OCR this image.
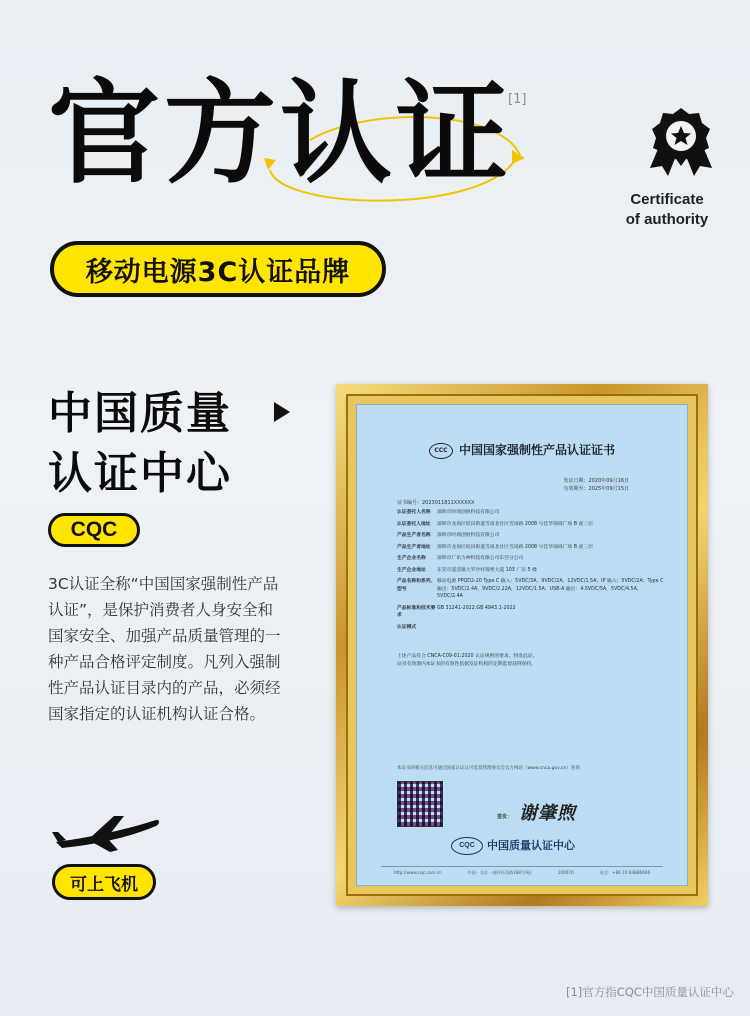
官方认证
[1]
移动电源3C认证品牌
Certificate
of authority
中国质量
认证中心
CQC
3C认证全称“中国国家强制性产品认证”，是保护消费者人身安全和国家安全、加强产品质量管理的一种产品合格评定制度。凡列入强制性产品认证目录内的产品，必须经国家指定的认证机构认证合格。
可上飞机
CCC 中国国家强制性产品认证证书
发证日期：2020年09月16日
有效期至：2025年09月15日
证书编号：2023011811XXXXXX
认证委托人名称	深圳市时商创展科技有限公司
认证委托人地址	深圳市龙岗区坂田街道雪岗北社区雪岗路 2008 号佳华领域广场 B 座三层
产品生产者名称	深圳市时商创展科技有限公司
产品生产者地址	深圳市龙岗区坂田街道雪岗北社区雪岗路 2008 号佳华领域广场 B 座三层
生产企业名称	深圳市广讯力神科技有限公司东莞分公司
生产企业地址	东莞市道滘镇大罗沙村锦秀大道 103 厂房 5 楼
产品名称和系列、型号
移动电源 PPQD2-20 Type C 输入：5VDC/3A，9VDC/2A，12VDC/1.5A；IP 输入：5VDC/2A；Type C 输出：5VDC/2.4A，9VDC/2.22A，12VDC/1.5A；USB-A 输出：4.5VDC/5A，5VDC/4.5A，5VDC/2.4A
产品标准和技术要求
GB 31241-2022;GB 4943.1-2022
认证模式
上述产品符合 CNCA-C09-01:2020 认证规则的要求，特发此证。
证书有效期内本证书的有效性依据发证机构的定期监督获得保持。
本证书的相关信息可通过国家认证认可监督管理委员会官方网站（www.cnca.gov.cn）查询
签发： 谢肇煦
CQC 中国质量认证中心
http://www.cqc.com.cn	中国 · 北京 · 南四环西路188号9区	100070	电话：+86 10 83886666
[1]官方指CQC中国质量认证中心
